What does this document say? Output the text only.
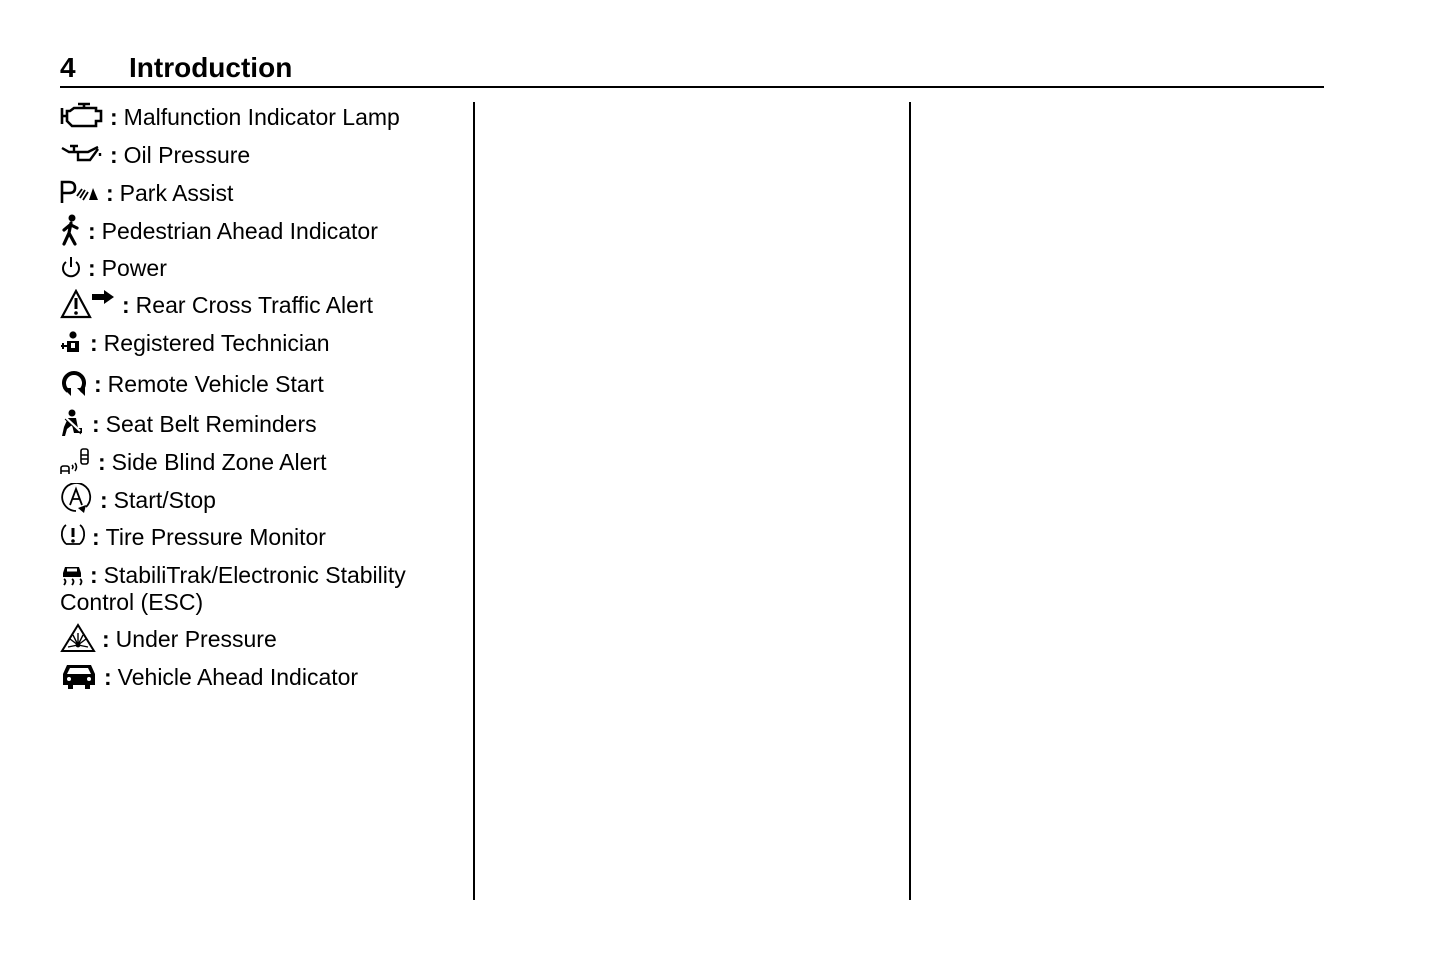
4 Introduction
: Malfunction Indicator Lamp
: Oil Pressure
: Park Assist
: Pedestrian Ahead Indicator
: Power
: Rear Cross Traffic Alert
: Registered Technician
: Remote Vehicle Start
: Seat Belt Reminders
: Side Blind Zone Alert
: Start/Stop
: Tire Pressure Monitor
: StabiliTrak/Electronic Stability Control (ESC)
: Under Pressure
: Vehicle Ahead Indicator
